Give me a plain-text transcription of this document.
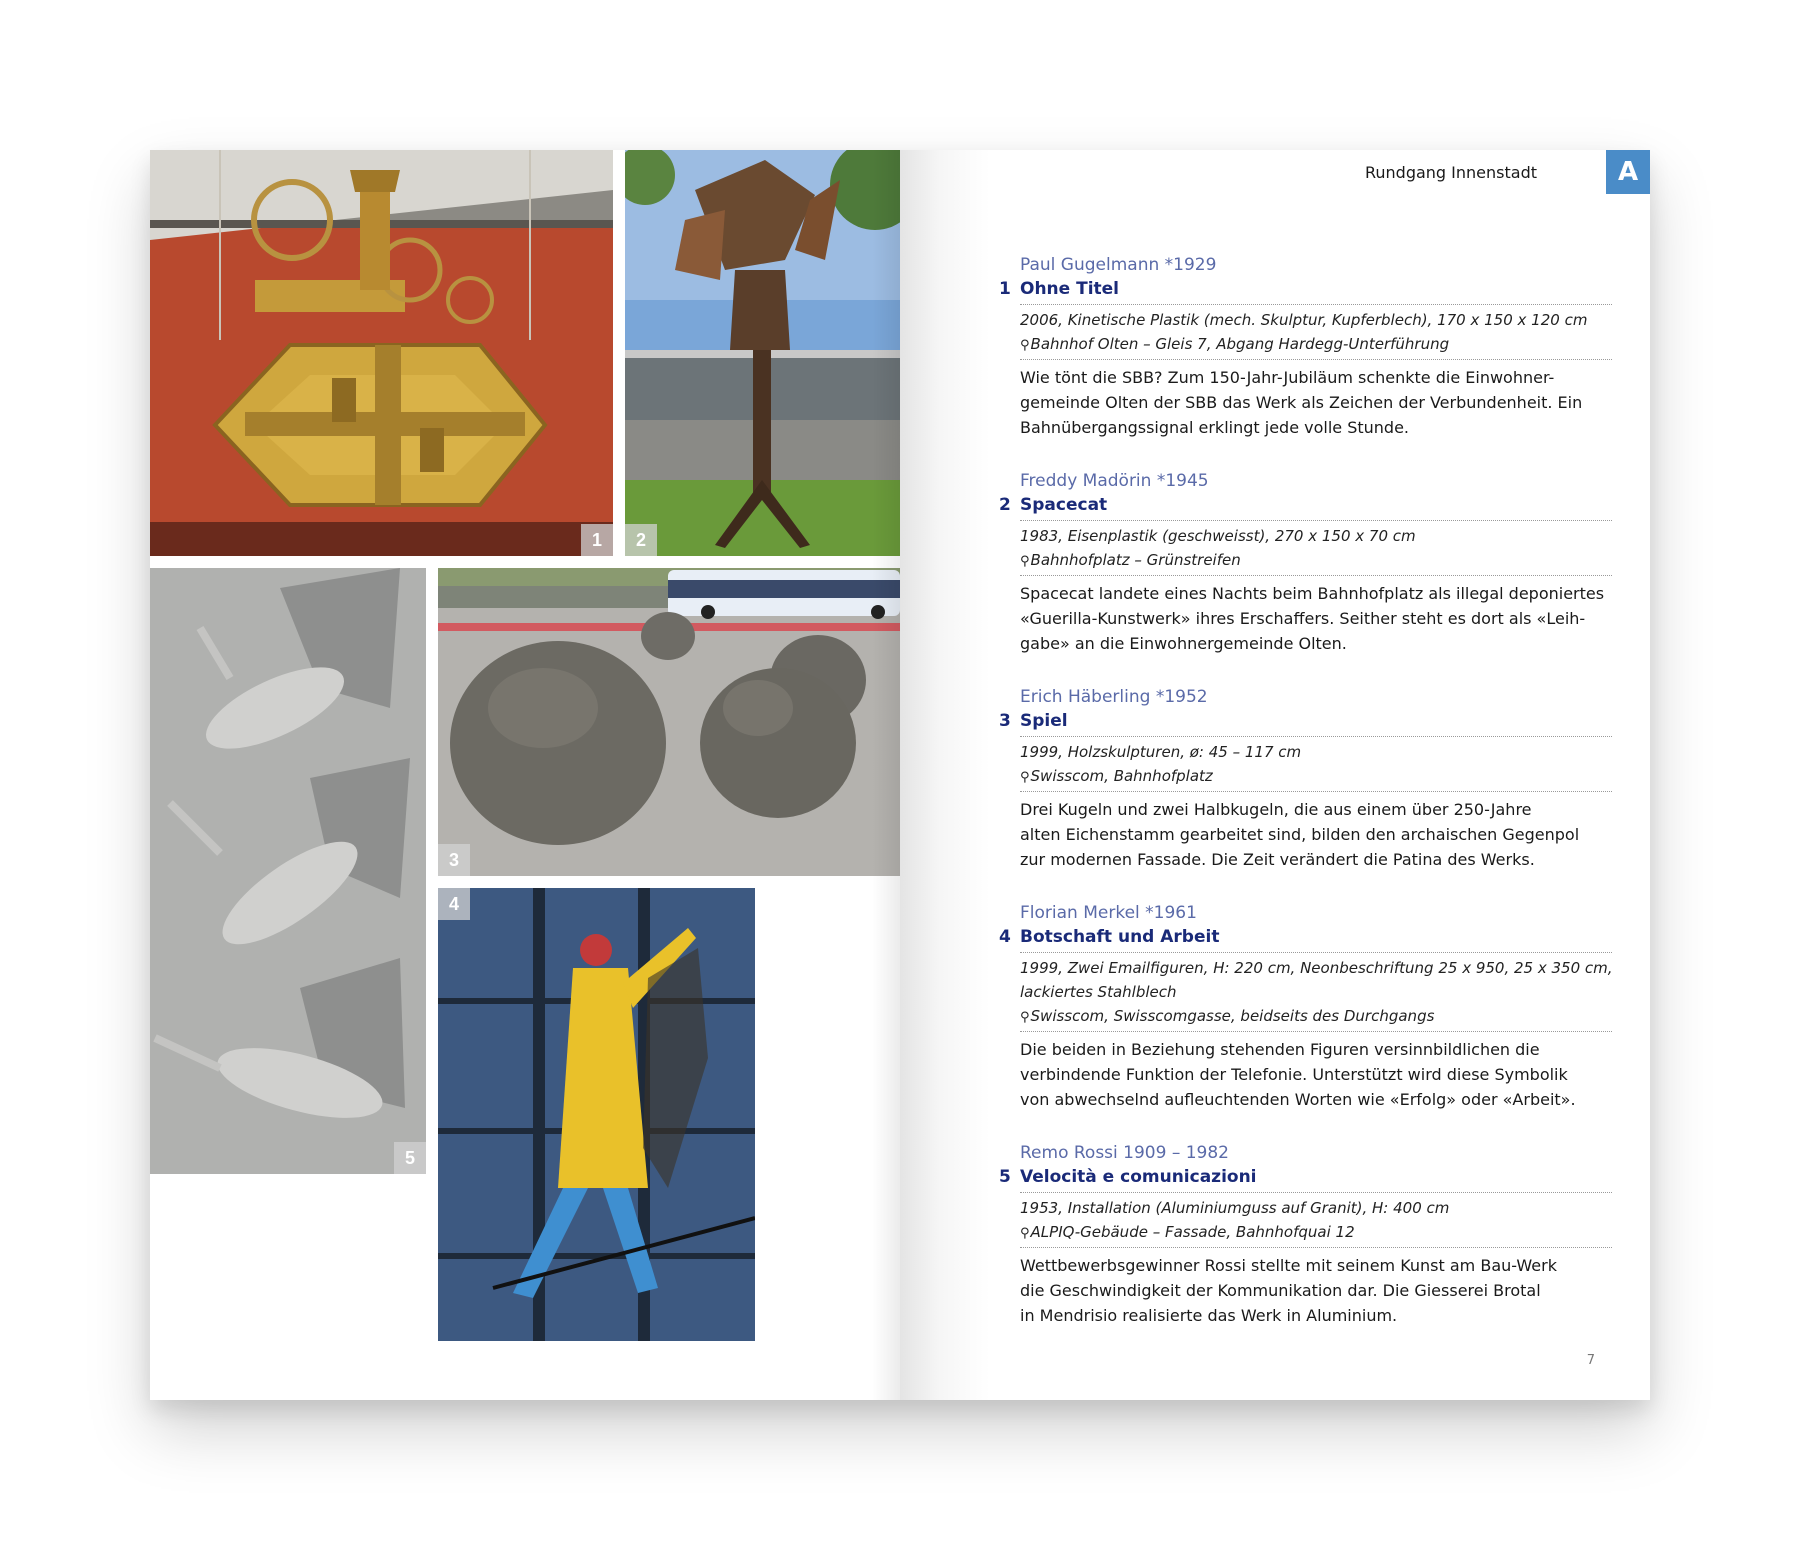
1	2
5
3
4
Rundgang Innenstadt	A
Paul Gugelmann *1929
1 Ohne Titel
2006, Kinetische Plastik (mech. Skulptur, Kupferblech), 170 x 150 x 120 cm
⚲Bahnhof Olten – Gleis 7, Abgang Hardegg-Unterführung
Wie tönt die SBB? Zum 150-Jahr-Jubiläum schenkte die Einwohner-
gemeinde Olten der SBB das Werk als Zeichen der Verbundenheit. Ein
Bahnübergangssignal erklingt jede volle Stunde.
Freddy Madörin *1945
2 Spacecat
1983, Eisenplastik (geschweisst), 270 x 150 x 70 cm
⚲Bahnhofplatz – Grünstreifen
Spacecat landete eines Nachts beim Bahnhofplatz als illegal deponiertes
«Guerilla-Kunstwerk» ihres Erschaffers. Seither steht es dort als «Leih-
gabe» an die Einwohnergemeinde Olten.
Erich Häberling *1952
3 Spiel
1999, Holzskulpturen, ø: 45 – 117 cm
⚲Swisscom, Bahnhofplatz
Drei Kugeln und zwei Halbkugeln, die aus einem über 250-Jahre
alten Eichenstamm gearbeitet sind, bilden den archaischen Gegenpol
zur modernen Fassade. Die Zeit verändert die Patina des Werks.
Florian Merkel *1961
4 Botschaft und Arbeit
1999, Zwei Emailfiguren, H: 220 cm, Neonbeschriftung 25 x 950, 25 x 350 cm,
lackiertes Stahlblech
⚲Swisscom, Swisscomgasse, beidseits des Durchgangs
Die beiden in Beziehung stehenden Figuren versinnbildlichen die
verbindende Funktion der Telefonie. Unterstützt wird diese Symbolik
von abwechselnd aufleuchtenden Worten wie «Erfolg» oder «Arbeit».
Remo Rossi 1909 – 1982
5 Velocità e comunicazioni
1953, Installation (Aluminiumguss auf Granit), H: 400 cm
⚲ALPIQ-Gebäude – Fassade, Bahnhofquai 12
Wettbewerbsgewinner Rossi stellte mit seinem Kunst am Bau-Werk
die Geschwindigkeit der Kommunikation dar. Die Giesserei Brotal
in Mendrisio realisierte das Werk in Aluminium.
7
